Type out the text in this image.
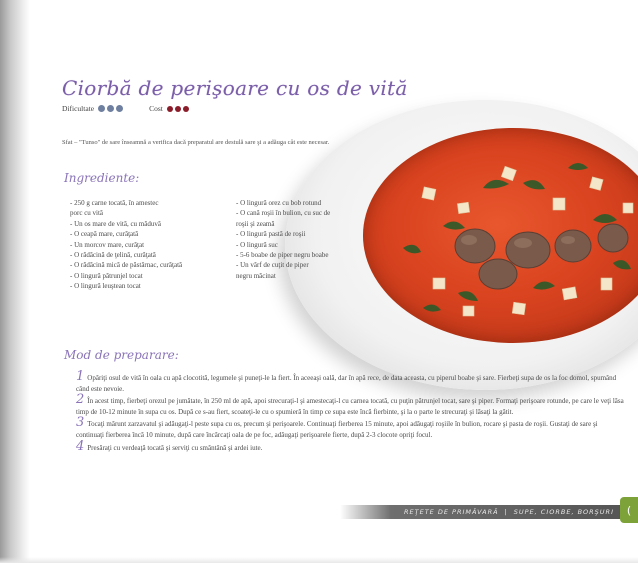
Ciorbă de perişoare cu os de vită
Dificultate	Cost
Sfat – "Tunso" de sare înseamnă a verifica dacă preparatul are destulă sare şi a adăuga cât este necesar.
Ingrediente:
- 250 g carne tocată, în amestec
porc cu vită
- Un os mare de vită, cu măduvă
- O ceapă mare, curăţată
- Un morcov mare, curăţat
- O rădăcină de ţelină, curăţată
- O rădăcină mică de păstârnac, curăţată
- O lingură pătrunjel tocat
- O lingură leuştean tocat
- O lingură orez cu bob rotund
- O cană roşii în bulion, cu suc de
roşii şi zeamă
- O lingură pastă de roşii
- O lingură suc
- 5-6 boabe de piper negru boabe
- Un vârf de cuţit de piper
negru măcinat
Mod de preparare:
1 Opăriţi osul de vită în oala cu apă clocotită, legumele şi puneţi-le la fiert. În aceeaşi oală, dar în apă rece, de data aceasta, cu piperul boabe şi sare. Fierbeţi supa de os la foc domol, spumând când este nevoie.
2 În acest timp, fierbeţi orezul pe jumătate, în 250 ml de apă, apoi strecuraţi-l şi amestecaţi-l cu carnea tocată, cu puţin pătrunjel tocat, sare şi piper. Formaţi perişoare rotunde, pe care le veţi lăsa timp de 10-12 minute în supa cu os. După ce s-au fiert, scoateţi-le cu o spumieră în timp ce supa este încă fierbinte, şi la o parte le strecuraţi şi lăsaţi la gătit.
3 Tocaţi mărunt zarzavatul şi adăugaţi-l peste supa cu os, precum şi perişoarele. Continuaţi fierberea 15 minute, apoi adăugaţi roşiile în bulion, rocare şi pasta de roşii. Gustaţi de sare şi continuaţi fierberea încă 10 minute, după care încărcaţi oala de pe foc, adăugaţi perişoarele fierte, după 2-3 clocote opriţi focul.
4 Presăraţi cu verdeaţă tocată şi serviţi cu smântână şi ardei iute.
REŢETE DE PRIMĂVARĂ | SUPE, CIORBE, BORŞURI	(
